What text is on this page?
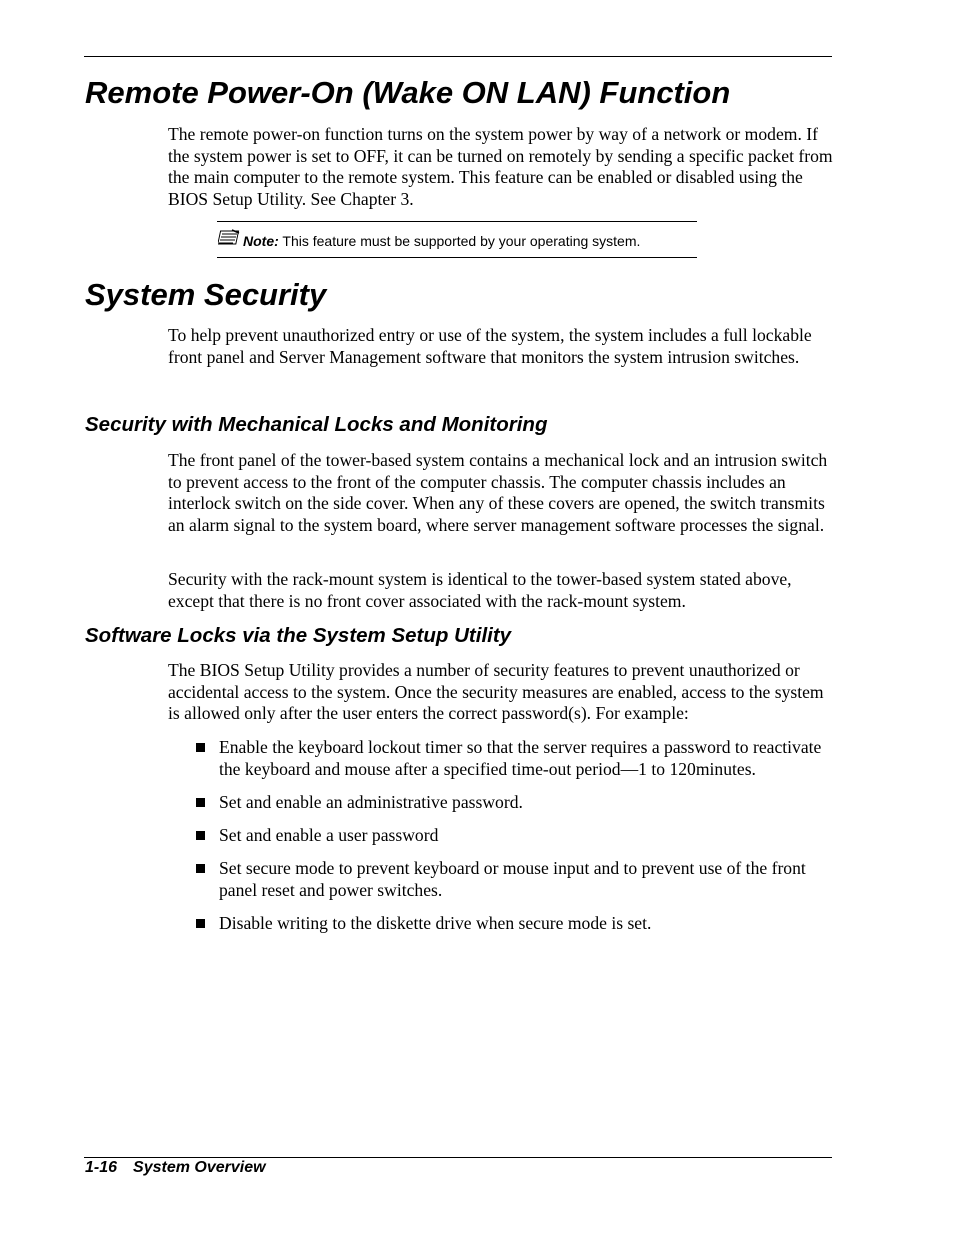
Remote Power-On (Wake ON LAN) Function

The remote power-on function turns on the system power by way of a network or modem. If the system power is set to OFF, it can be turned on remotely by sending a specific packet from the main computer to the remote system. This feature can be enabled or disabled using the BIOS Setup Utility. See Chapter 3.

Note: This feature must be supported by your operating system.
System Security

To help prevent unauthorized entry or use of the system, the system includes a full lockable front panel and Server Management software that monitors the system intrusion switches.

Security with Mechanical Locks and Monitoring

The front panel of the tower-based system contains a mechanical lock and an intrusion switch to prevent access to the front of the computer chassis. The computer chassis includes an interlock switch on the side cover. When any of these covers are opened, the switch transmits an alarm signal to the system board, where server management software processes the signal.

Security with the rack-mount system is identical to the tower-based system stated above, except that there is no front cover associated with the rack-mount system.

Software Locks via the System Setup Utility

The BIOS Setup Utility provides a number of security features to prevent unauthorized or accidental access to the system. Once the security measures are enabled, access to the system is allowed only after the user enters the correct password(s). For example:

Enable the keyboard lockout timer so that the server requires a password to reactivate the keyboard and mouse after a specified time-out period—1 to 120minutes.
Set and enable an administrative password.
Set and enable a user password
Set secure mode to prevent keyboard or mouse input and to prevent use of the front panel reset and power switches.
Disable writing to the diskette drive when secure mode is set.
1-16 System Overview
